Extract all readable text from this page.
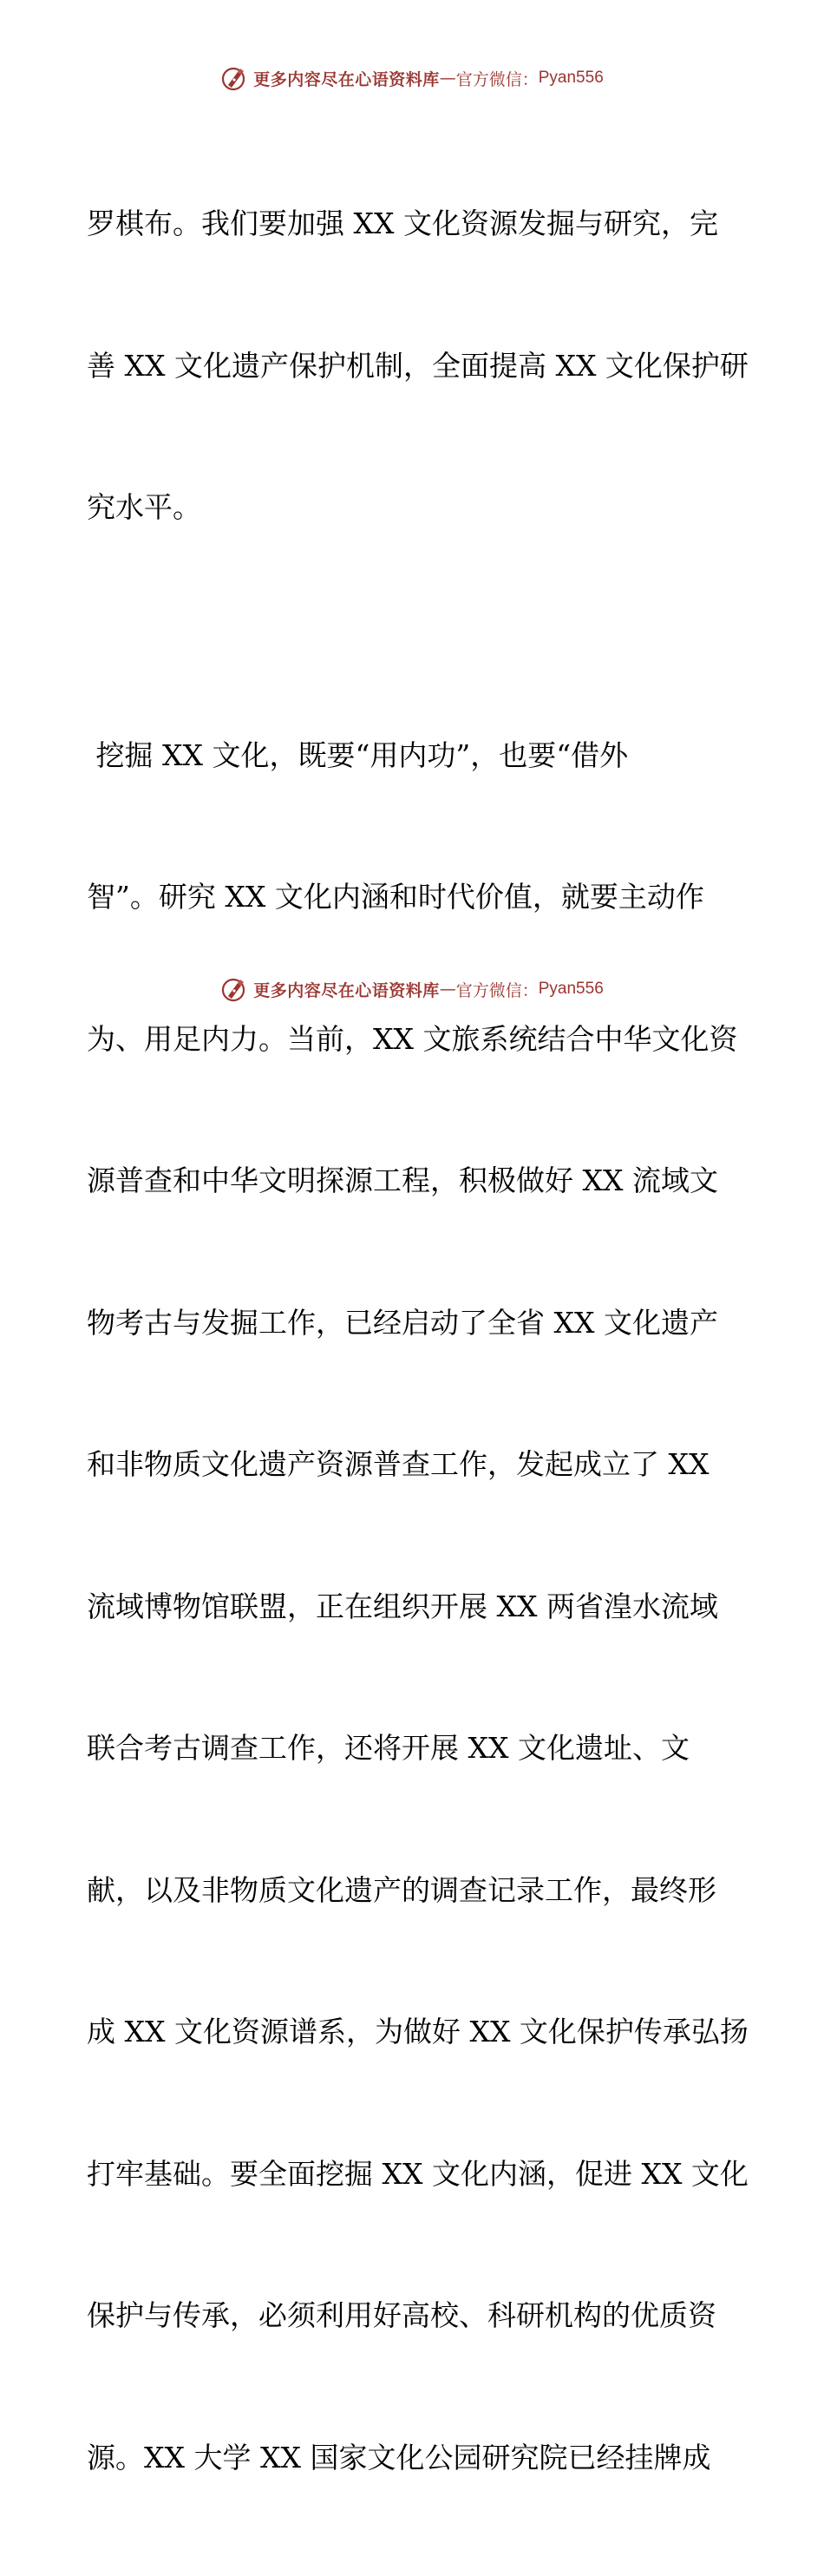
更多内容尽在心语资料库 — 官方微信： Pyan556

罗棋布。我们要加强 XX 文化资源发掘与研究，完

善 XX 文化遗产保护机制，全面提高 XX 文化保护研

究水平。

挖掘 XX 文化，既要“用内功”，也要“借外

智”。研究 XX 文化内涵和时代价值，就要主动作

为、用足内力。当前，XX 文旅系统结合中华文化资

源普查和中华文明探源工程，积极做好 XX 流域文

物考古与发掘工作，已经启动了全省 XX 文化遗产

和非物质文化遗产资源普查工作，发起成立了 XX

流域博物馆联盟，正在组织开展 XX 两省湟水流域

联合考古调查工作，还将开展 XX 文化遗址、文

献，以及非物质文化遗产的调查记录工作，最终形

成 XX 文化资源谱系，为做好 XX 文化保护传承弘扬

打牢基础。要全面挖掘 XX 文化内涵，促进 XX 文化

保护与传承，必须利用好高校、科研机构的优质资

源。XX 大学 XX 国家文化公园研究院已经挂牌成

更多内容尽在心语资料库 — 官方微信： Pyan556
